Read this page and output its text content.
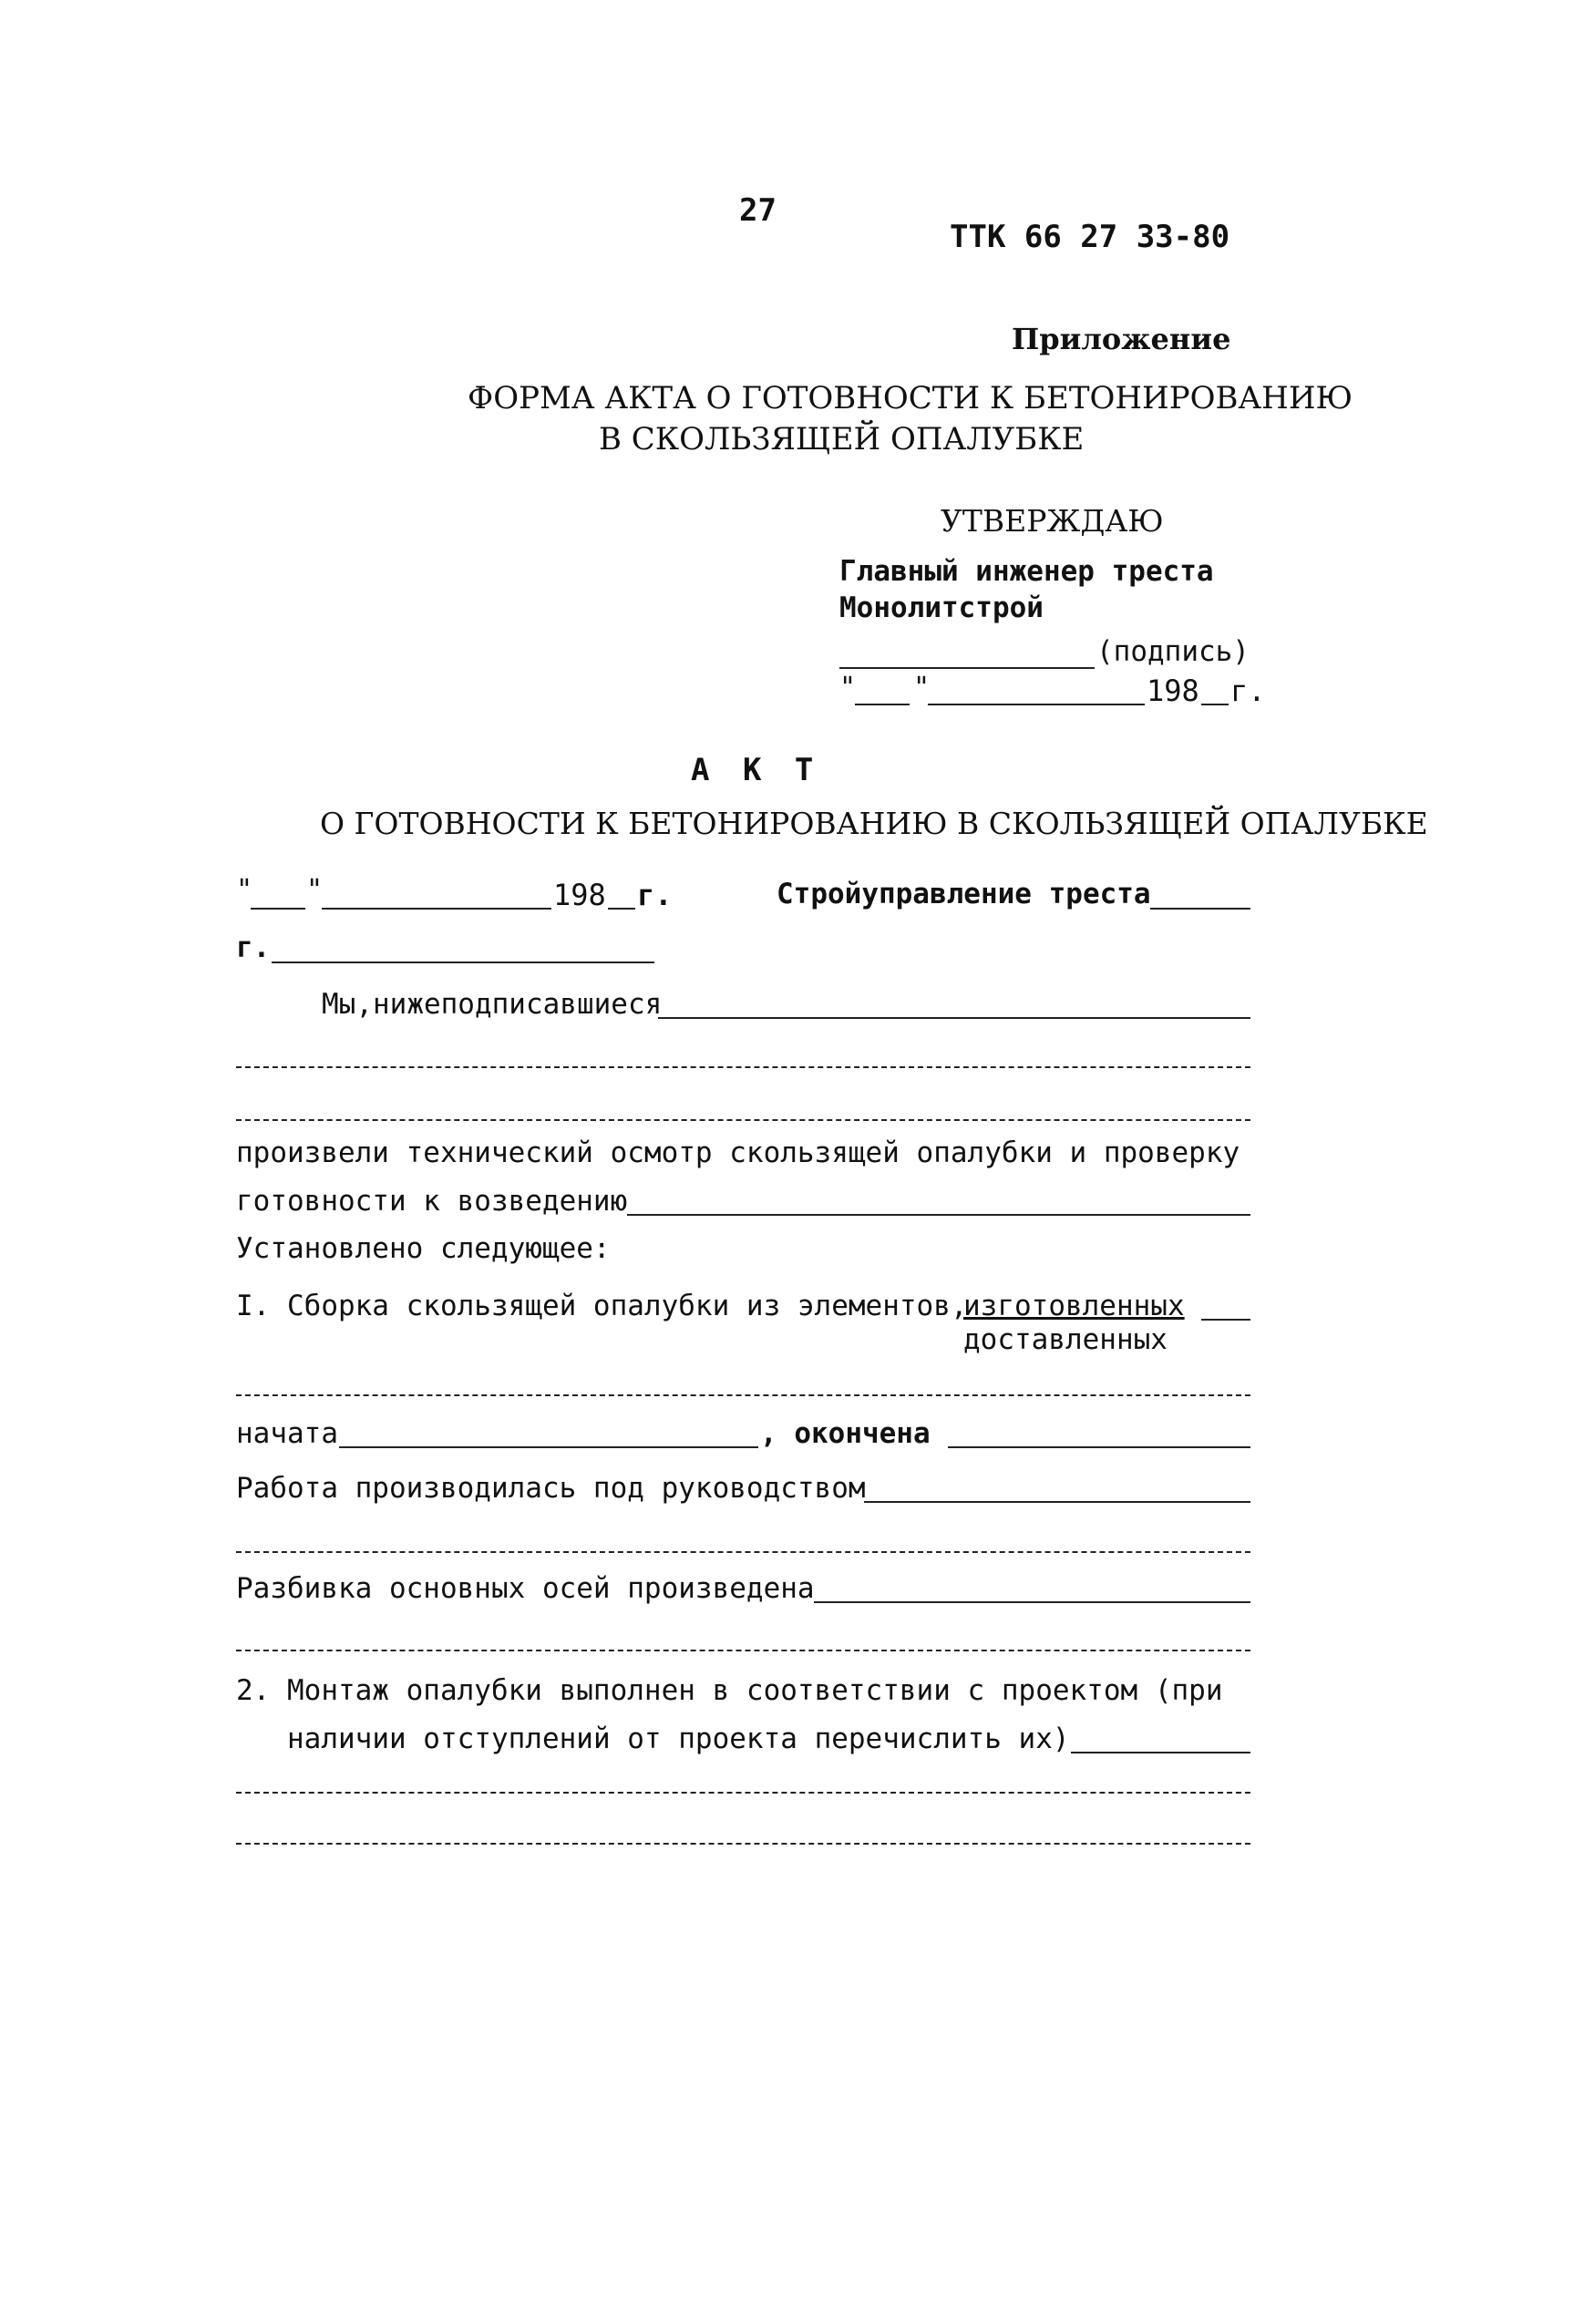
27
ТТК 66 27 33-80
Приложение
ФОРМА АКТА О ГОТОВНОСТИ К БЕТОНИРОВАНИЮ
В СКОЛЬЗЯЩЕЙ ОПАЛУБКЕ
УТВЕРЖДАЮ
Главный инженер треста
Монолитстрой
(подпись)
" "	198 г.
А К Т
О ГОТОВНОСТИ К БЕТОНИРОВАНИЮ В СКОЛЬЗЯЩЕЙ ОПАЛУБКЕ
" "	198 г.	Стройуправление треста
г.
Мы,нижеподписавшиеся
произвели технический осмотр скользящей опалубки и проверку
готовности к возведению
Установлено следующее:
I. Сборка скользящей опалубки из элементов,
изготовленных
доставленных
начата	, окончена
Работа производилась под руководством
Разбивка основных осей произведена
2. Монтаж опалубки выполнен в соответствии с проектом (при
наличии отступлений от проекта перечислить их)
